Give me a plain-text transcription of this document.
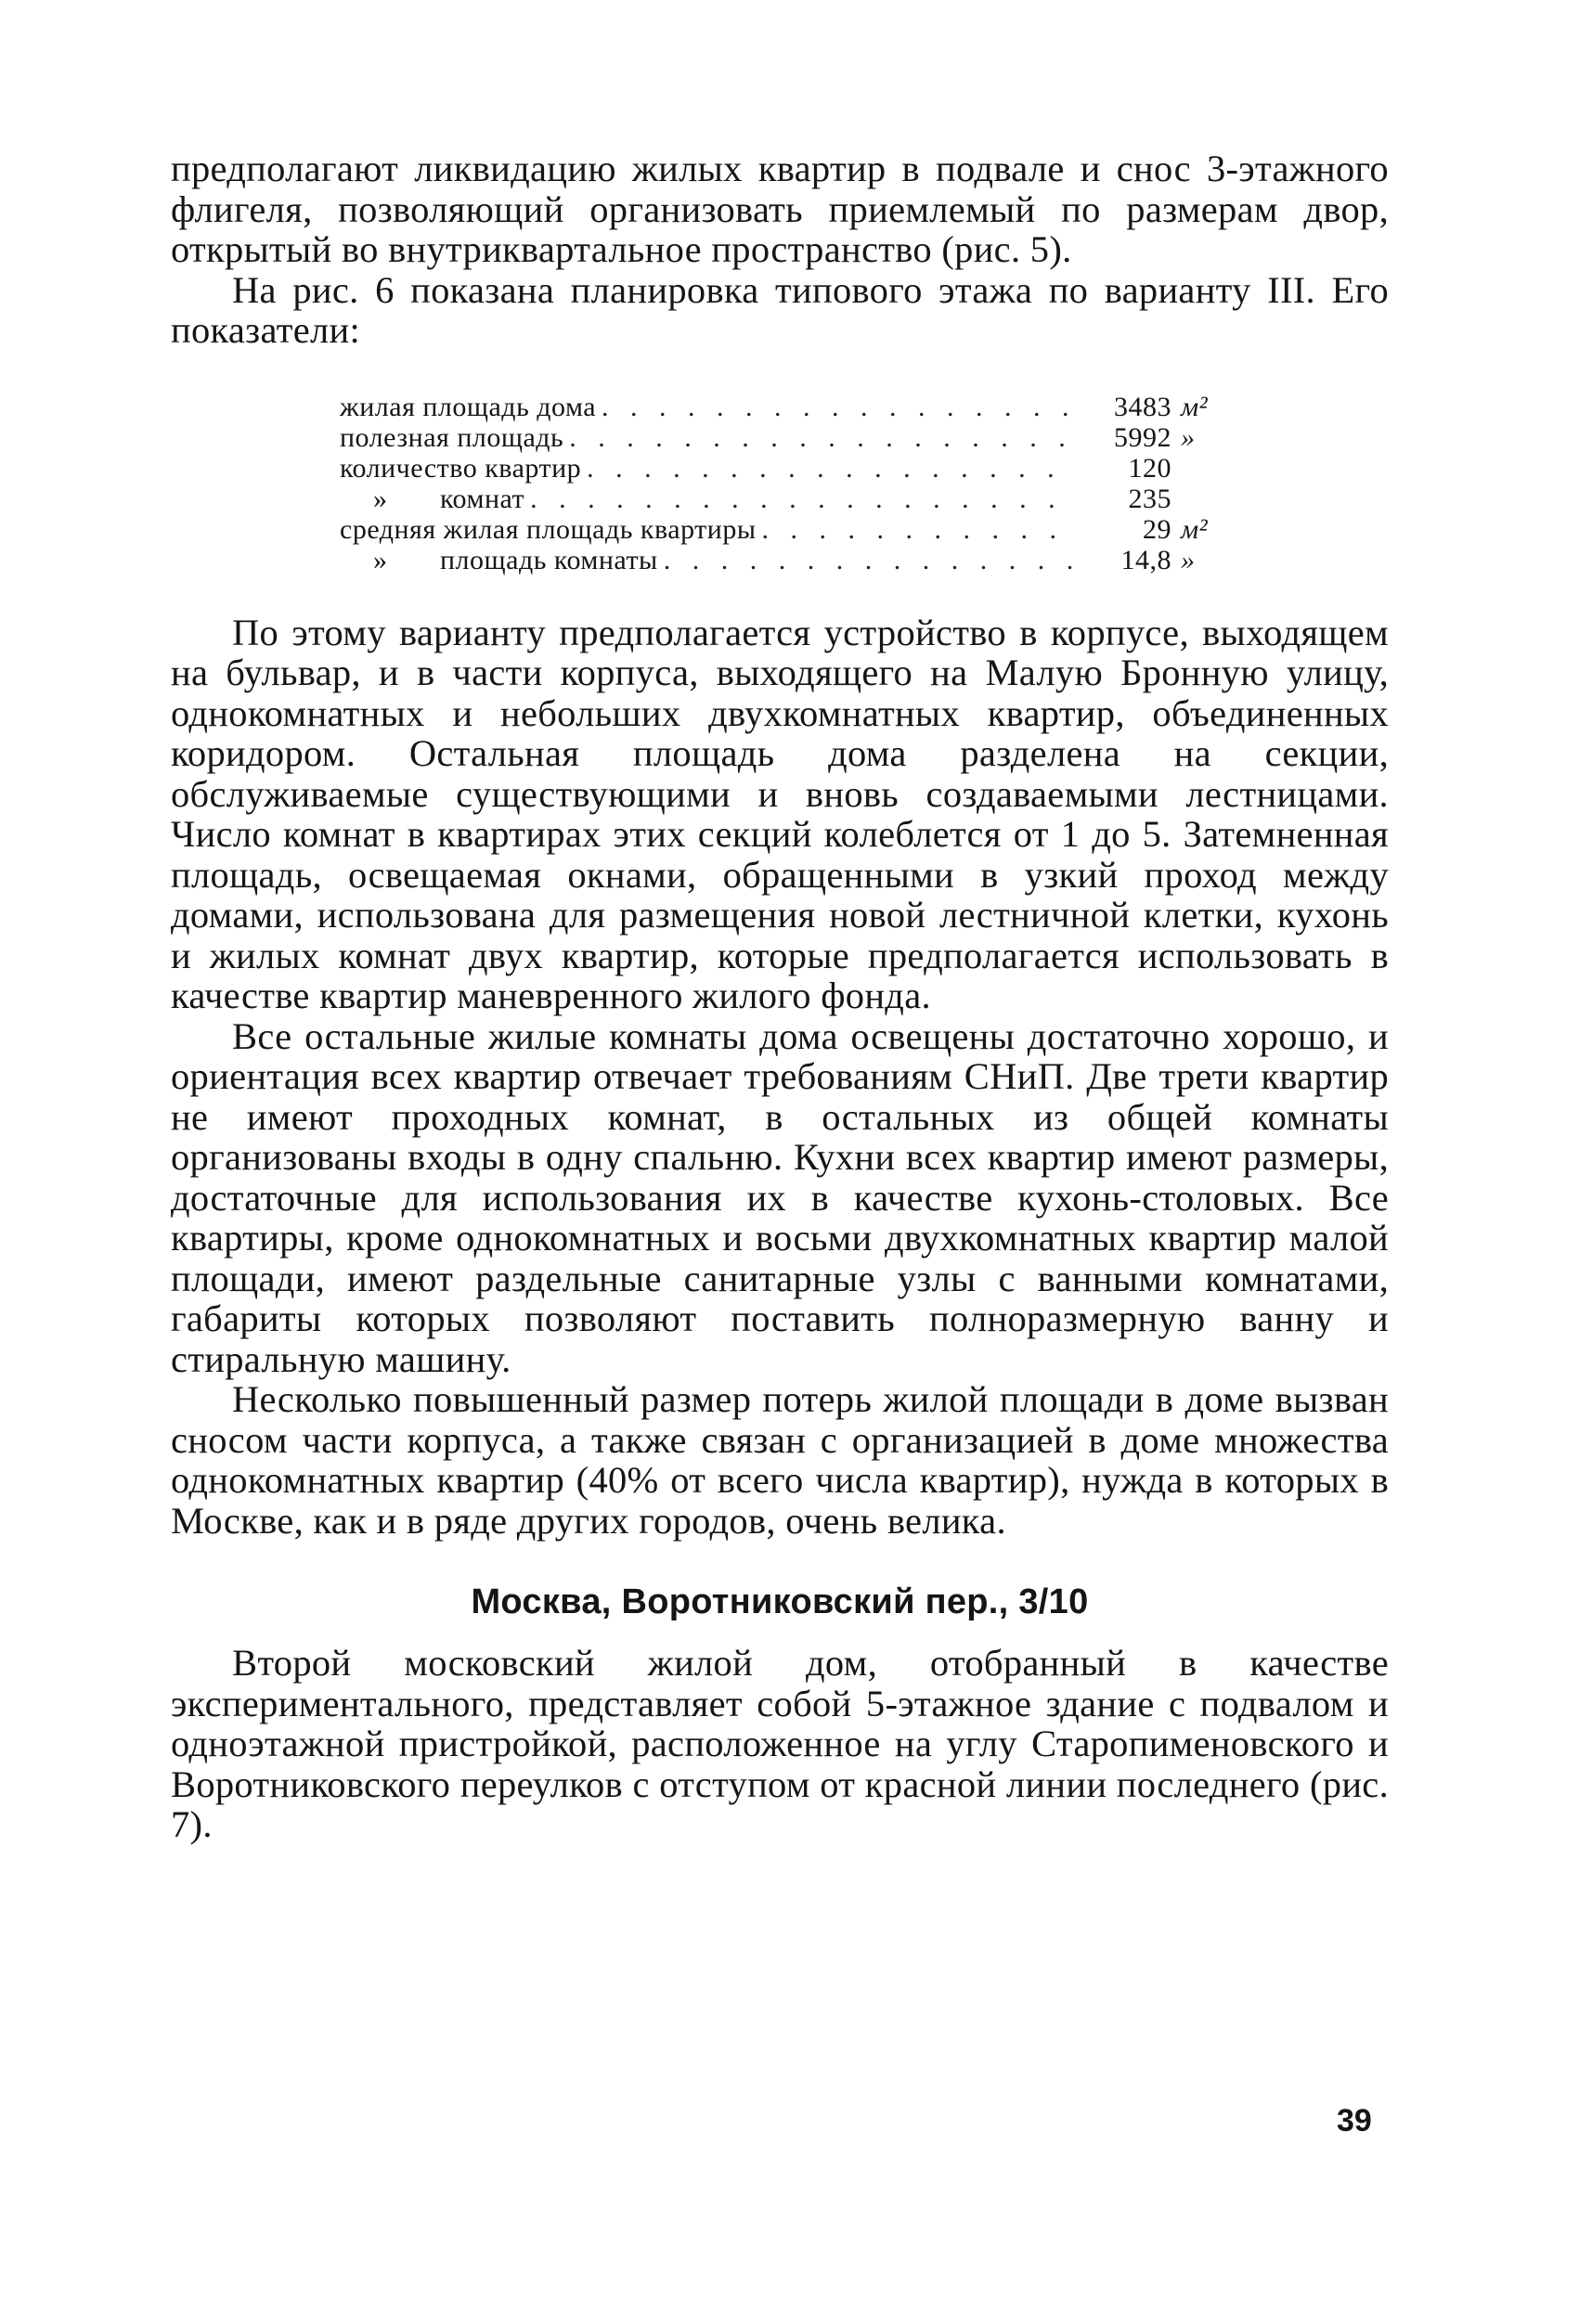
предполагают ликвидацию жилых квартир в подвале и снос 3-этажного флигеля, позволяющий организовать приемлемый по размерам двор, открытый во внутриквартальное пространство (рис. 5).

На рис. 6 показана планировка типового этажа по варианту III. Его показатели:

жилая площадь дома . . .	3483 м²
полезная площадь . . .	5992 »
количество квартир . . .	120
» комнат . . .	235
средняя жилая площадь квартиры . . .	29 м²
» площадь комнаты . . .	14,8 »

По этому варианту предполагается устройство в корпусе, выходящем на бульвар, и в части корпуса, выходящего на Малую Бронную улицу, однокомнатных и небольших двухкомнатных квартир, объединенных коридором. Остальная площадь дома разделена на секции, обслуживаемые существующими и вновь создаваемыми лестницами. Число комнат в квартирах этих секций колеблется от 1 до 5. Затемненная площадь, освещаемая окнами, обращенными в узкий проход между домами, использована для размещения новой лестничной клетки, кухонь и жилых комнат двух квартир, которые предполагается использовать в качестве квартир маневренного жилого фонда.

Все остальные жилые комнаты дома освещены достаточно хорошо, и ориентация всех квартир отвечает требованиям СНиП. Две трети квартир не имеют проходных комнат, в остальных из общей комнаты организованы входы в одну спальню. Кухни всех квартир имеют размеры, достаточные для использования их в качестве кухонь-столовых. Все квартиры, кроме однокомнатных и восьми двухкомнатных квартир малой площади, имеют раздельные санитарные узлы с ванными комнатами, габариты которых позволяют поставить полноразмерную ванну и стиральную машину.

Несколько повышенный размер потерь жилой площади в доме вызван сносом части корпуса, а также связан с организацией в доме множества однокомнатных квартир (40% от всего числа квартир), нужда в которых в Москве, как и в ряде других городов, очень велика.

Москва, Воротниковский пер., 3/10

Второй московский жилой дом, отобранный в качестве экспериментального, представляет собой 5-этажное здание с подвалом и одноэтажной пристройкой, расположенное на углу Старопименовского и Воротниковского переулков с отступом от красной линии последнего (рис. 7).

39
